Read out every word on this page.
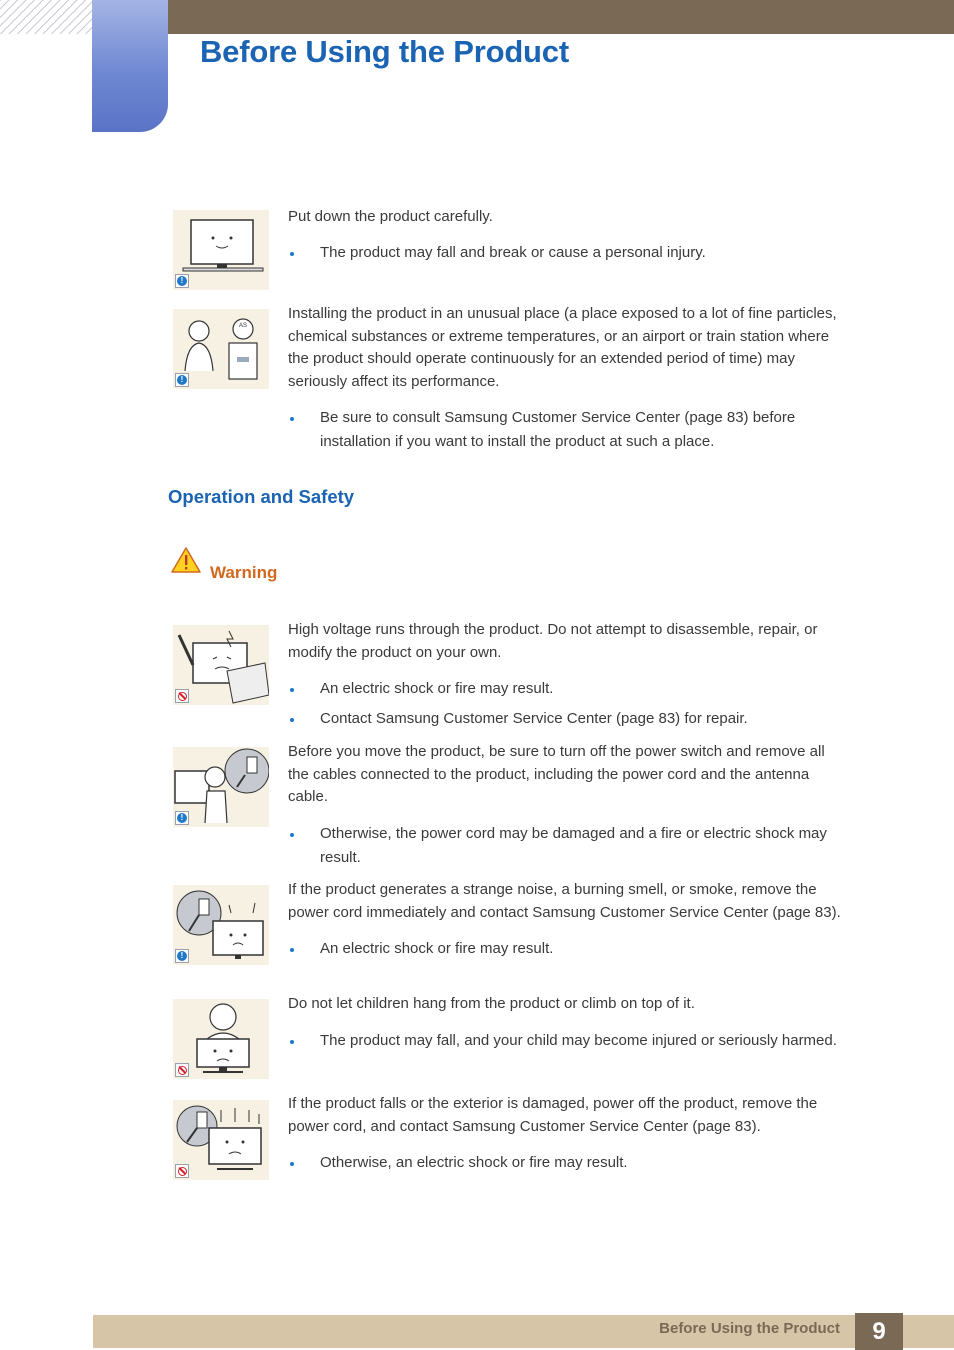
Before Using the Product
!

Put down the product carefully.

The product may fall and break or cause a personal injury.
AS
!

Installing the product in an unusual place (a place exposed to a lot of fine particles, chemical substances or extreme temperatures, or an airport or train station where the product should operate continuously for an extended period of time) may seriously affect its performance.

Be sure to consult Samsung Customer Service Center (page 83) before installation if you want to install the product at such a place.
Operation and Safety
Warning

High voltage runs through the product. Do not attempt to disassemble, repair, or modify the product on your own.

An electric shock or fire may result.
Contact Samsung Customer Service Center (page 83) for repair.
!

Before you move the product, be sure to turn off the power switch and remove all the cables connected to the product, including the power cord and the antenna cable.

Otherwise, the power cord may be damaged and a fire or electric shock may result.
!

If the product generates a strange noise, a burning smell, or smoke, remove the power cord immediately and contact Samsung Customer Service Center (page 83).

An electric shock or fire may result.

Do not let children hang from the product or climb on top of it.

The product may fall, and your child may become injured or seriously harmed.

If the product falls or the exterior is damaged, power off the product, remove the power cord, and contact Samsung Customer Service Center (page 83).

Otherwise, an electric shock or fire may result.
Before Using the Product	9
